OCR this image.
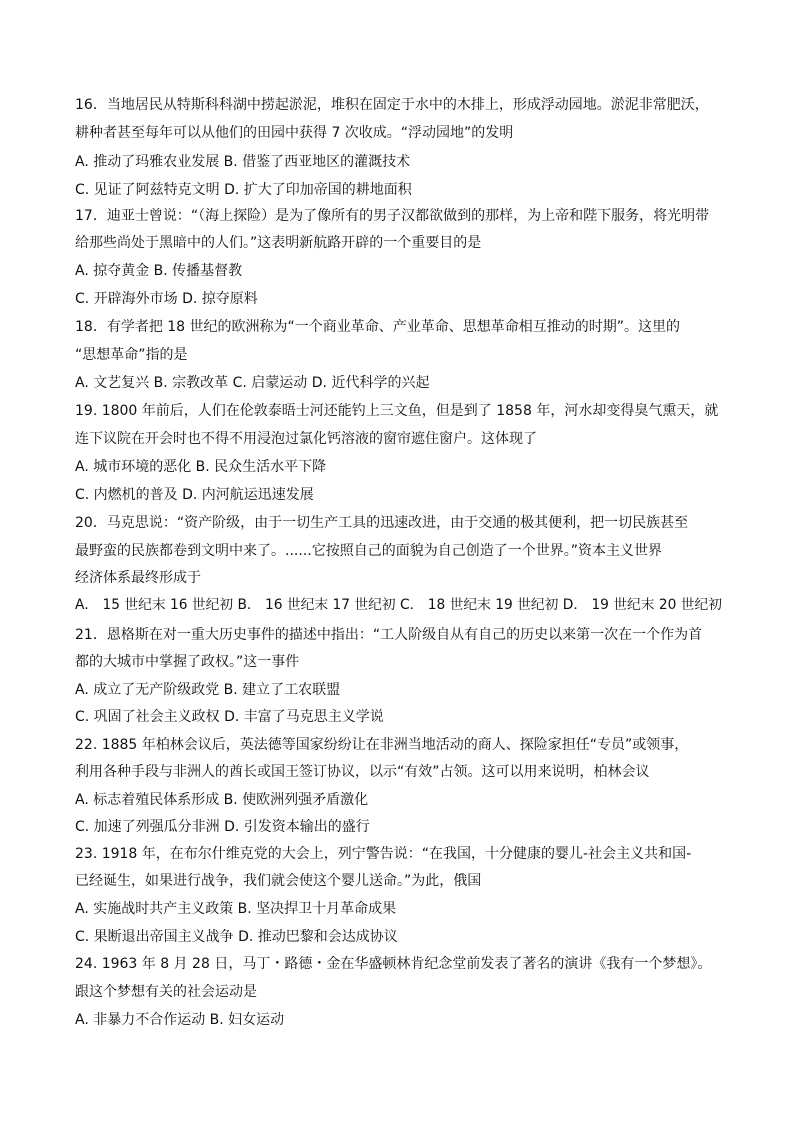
16．当地居民从特斯科科湖中捞起淤泥，堆积在固定于水中的木排上，形成浮动园地。淤泥非常肥沃，
耕种者甚至每年可以从他们的田园中获得 7 次收成。“浮动园地”的发明
A. 推动了玛雅农业发展 B. 借鉴了西亚地区的灌溉技术
C. 见证了阿兹特克文明 D. 扩大了印加帝国的耕地面积
17．迪亚士曾说：“（海上探险）是为了像所有的男子汉都欲做到的那样，为上帝和陛下服务，将光明带
给那些尚处于黑暗中的人们。”这表明新航路开辟的一个重要目的是
A. 掠夺黄金 B. 传播基督教
C. 开辟海外市场 D. 掠夺原料
18．有学者把 18 世纪的欧洲称为“一个商业革命、产业革命、思想革命相互推动的时期”。这里的
“思想革命”指的是
A. 文艺复兴 B. 宗教改革 C. 启蒙运动 D. 近代科学的兴起
19. 1800 年前后，人们在伦敦泰晤士河还能钓上三文鱼，但是到了 1858 年，河水却变得臭气熏天，就
连下议院在开会时也不得不用浸泡过氯化钙溶液的窗帘遮住窗户。这体现了
A. 城市环境的恶化 B. 民众生活水平下降
C. 内燃机的普及 D. 内河航运迅速发展
20．马克思说：“资产阶级，由于一切生产工具的迅速改进，由于交通的极其便利，把一切民族甚至
最野蛮的民族都卷到文明中来了。......它按照自己的面貌为自己创造了一个世界。”资本主义世界
经济体系最终形成于
A． 15 世纪末 16 世纪初 B． 16 世纪末 17 世纪初 C． 18 世纪末 19 世纪初 D． 19 世纪末 20 世纪初
21．恩格斯在对一重大历史事件的描述中指出：“工人阶级自从有自己的历史以来第一次在一个作为首
都的大城市中掌握了政权。”这一事件
A. 成立了无产阶级政党 B. 建立了工农联盟
C. 巩固了社会主义政权 D. 丰富了马克思主义学说
22. 1885 年柏林会议后，英法德等国家纷纷让在非洲当地活动的商人、探险家担任“专员”或领事，
利用各种手段与非洲人的酋长或国王签订协议，以示“有效”占领。这可以用来说明，柏林会议
A. 标志着殖民体系形成 B. 使欧洲列强矛盾激化
C. 加速了列强瓜分非洲 D. 引发资本输出的盛行
23. 1918 年，在布尔什维克党的大会上，列宁警告说：“在我国，十分健康的婴儿-社会主义共和国-
已经诞生，如果进行战争，我们就会使这个婴儿送命。”为此，俄国
A. 实施战时共产主义政策 B. 坚决捍卫十月革命成果
C. 果断退出帝国主义战争 D. 推动巴黎和会达成协议
24. 1963 年 8 月 28 日，马丁・路德・金在华盛顿林肯纪念堂前发表了著名的演讲《我有一个梦想》。
跟这个梦想有关的社会运动是
A. 非暴力不合作运动 B. 妇女运动
